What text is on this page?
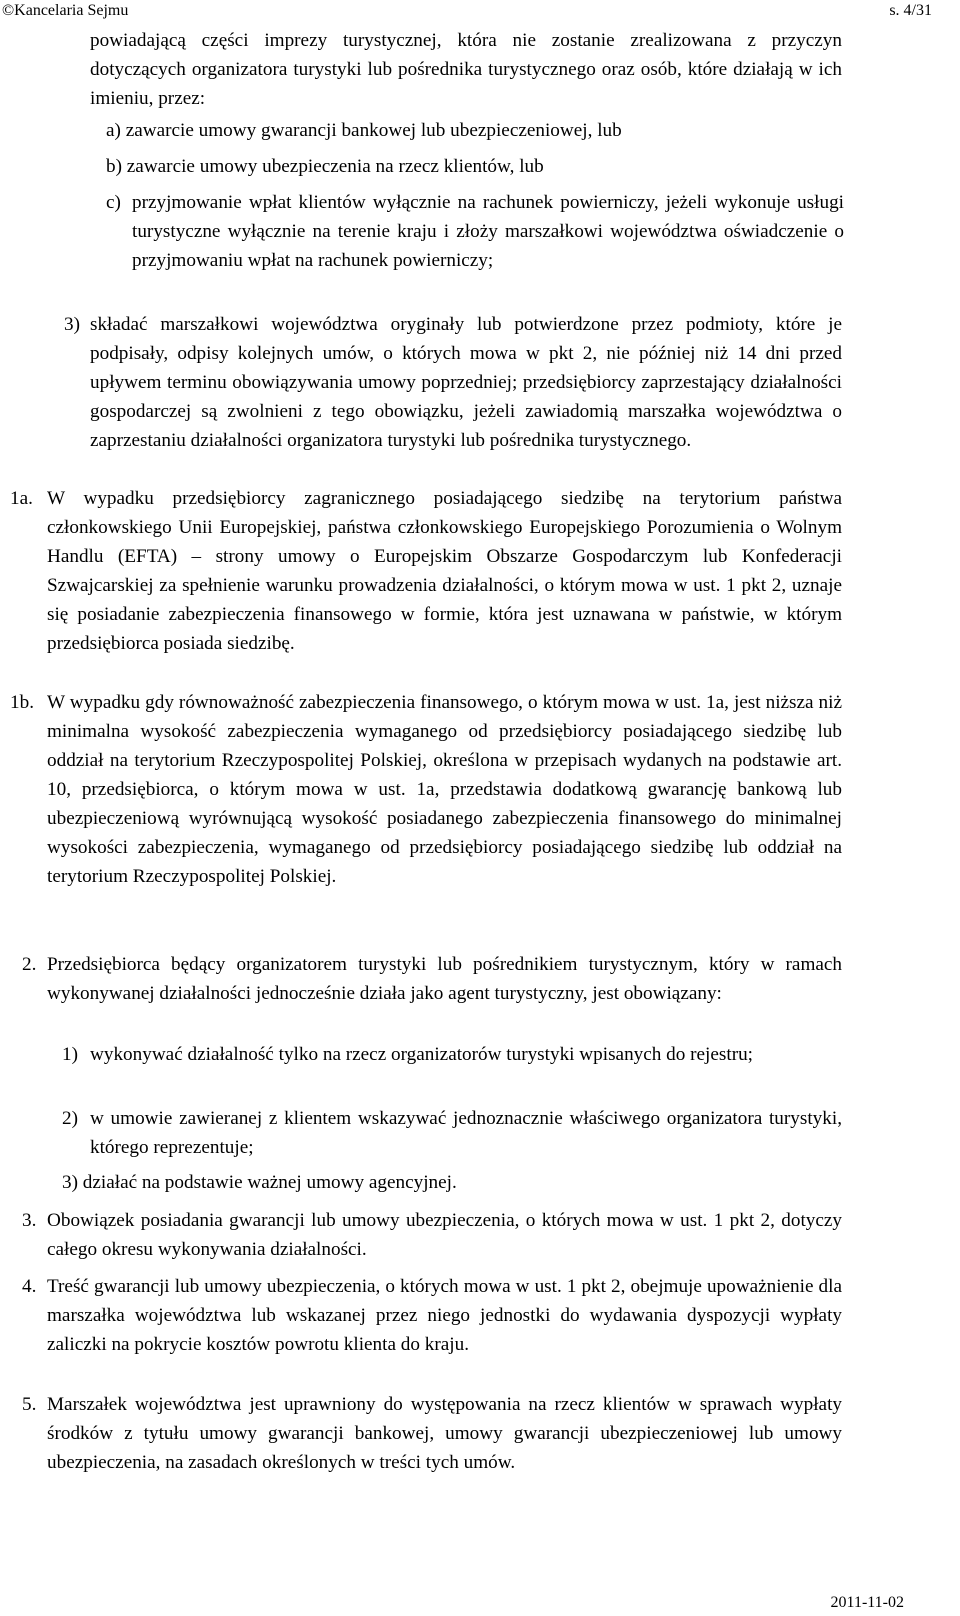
©Kancelaria Sejmu	s. 4/31

powiadającą części imprezy turystycznej, która nie zostanie zrealizowana z przyczyn dotyczących organizatora turystyki lub pośrednika turystycznego oraz osób, które działają w ich imieniu, przez:

a) zawarcie umowy gwarancji bankowej lub ubezpieczeniowej, lub

b) zawarcie umowy ubezpieczenia na rzecz klientów, lub

c) przyjmowanie wpłat klientów wyłącznie na rachunek powierniczy, jeżeli wykonuje usługi turystyczne wyłącznie na terenie kraju i złoży marszałkowi województwa oświadczenie o przyjmowaniu wpłat na rachunek powierniczy;

3) składać marszałkowi województwa oryginały lub potwierdzone przez podmioty, które je podpisały, odpisy kolejnych umów, o których mowa w pkt 2, nie później niż 14 dni przed upływem terminu obowiązywania umowy poprzedniej; przedsiębiorcy zaprzestający działalności gospodarczej są zwolnieni z tego obowiązku, jeżeli zawiadomią marszałka województwa o zaprzestaniu działalności organizatora turystyki lub pośrednika turystycznego.

1a. W wypadku przedsiębiorcy zagranicznego posiadającego siedzibę na terytorium państwa członkowskiego Unii Europejskiej, państwa członkowskiego Europejskiego Porozumienia o Wolnym Handlu (EFTA) – strony umowy o Europejskim Obszarze Gospodarczym lub Konfederacji Szwajcarskiej za spełnienie warunku prowadzenia działalności, o którym mowa w ust. 1 pkt 2, uznaje się posiadanie zabezpieczenia finansowego w formie, która jest uznawana w państwie, w którym przedsiębiorca posiada siedzibę.

1b. W wypadku gdy równoważność zabezpieczenia finansowego, o którym mowa w ust. 1a, jest niższa niż minimalna wysokość zabezpieczenia wymaganego od przedsiębiorcy posiadającego siedzibę lub oddział na terytorium Rzeczypospolitej Polskiej, określona w przepisach wydanych na podstawie art. 10, przedsiębiorca, o którym mowa w ust. 1a, przedstawia dodatkową gwarancję bankową lub ubezpieczeniową wyrównującą wysokość posiadanego zabezpieczenia finansowego do minimalnej wysokości zabezpieczenia, wymaganego od przedsiębiorcy posiadającego siedzibę lub oddział na terytorium Rzeczypospolitej Polskiej.

2. Przedsiębiorca będący organizatorem turystyki lub pośrednikiem turystycznym, który w ramach wykonywanej działalności jednocześnie działa jako agent turystyczny, jest obowiązany:

1) wykonywać działalność tylko na rzecz organizatorów turystyki wpisanych do rejestru;

2) w umowie zawieranej z klientem wskazywać jednoznacznie właściwego organizatora turystyki, którego reprezentuje;

3) działać na podstawie ważnej umowy agencyjnej.

3. Obowiązek posiadania gwarancji lub umowy ubezpieczenia, o których mowa w ust. 1 pkt 2, dotyczy całego okresu wykonywania działalności.

4. Treść gwarancji lub umowy ubezpieczenia, o których mowa w ust. 1 pkt 2, obejmuje upoważnienie dla marszałka województwa lub wskazanej przez niego jednostki do wydawania dyspozycji wypłaty zaliczki na pokrycie kosztów powrotu klienta do kraju.

5. Marszałek województwa jest uprawniony do występowania na rzecz klientów w sprawach wypłaty środków z tytułu umowy gwarancji bankowej, umowy gwarancji ubezpieczeniowej lub umowy ubezpieczenia, na zasadach określonych w treści tych umów.

2011-11-02
